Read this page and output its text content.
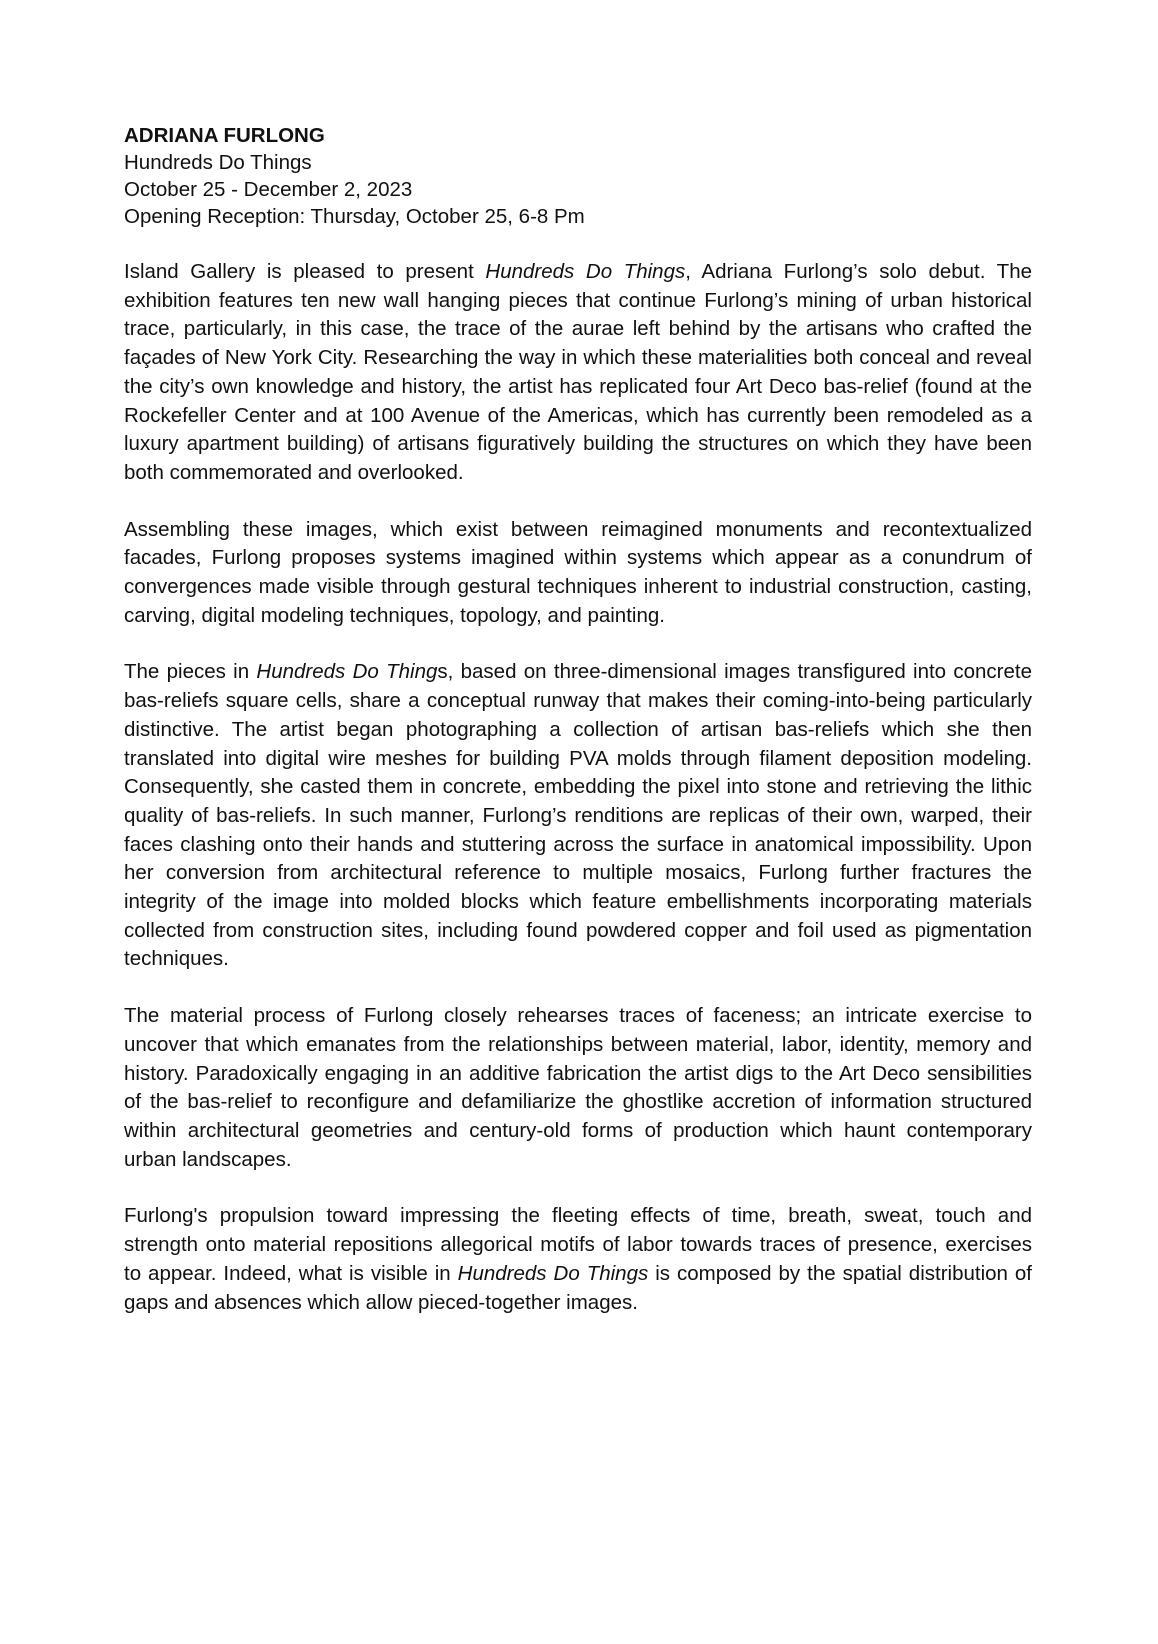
ADRIANA FURLONG
Hundreds Do Things
October 25 - December 2, 2023
Opening Reception: Thursday, October 25, 6-8 Pm

Island Gallery is pleased to present Hundreds Do Things, Adriana Furlong’s solo debut. The exhibition features ten new wall hanging pieces that continue Furlong’s mining of urban historical trace, particularly, in this case, the trace of the aurae left behind by the artisans who crafted the façades of New York City. Researching the way in which these materialities both conceal and reveal the city’s own knowledge and history, the artist has replicated four Art Deco bas-relief (found at the Rockefeller Center and at 100 Avenue of the Americas, which has currently been remodeled as a luxury apartment building) of artisans figuratively building the structures on which they have been both commemorated and overlooked.

Assembling these images, which exist between reimagined monuments and recontextualized facades, Furlong proposes systems imagined within systems which appear as a conundrum of convergences made visible through gestural techniques inherent to industrial construction, casting, carving, digital modeling techniques, topology, and painting.

The pieces in Hundreds Do Things, based on three-dimensional images transfigured into concrete bas-reliefs square cells, share a conceptual runway that makes their coming-into-being particularly distinctive. The artist began photographing a collection of artisan bas-reliefs which she then translated into digital wire meshes for building PVA molds through filament deposition modeling. Consequently, she casted them in concrete, embedding the pixel into stone and retrieving the lithic quality of bas-reliefs. In such manner, Furlong’s renditions are replicas of their own, warped, their faces clashing onto their hands and stuttering across the surface in anatomical impossibility. Upon her conversion from architectural reference to multiple mosaics, Furlong further fractures the integrity of the image into molded blocks which feature embellishments incorporating materials collected from construction sites, including found powdered copper and foil used as pigmentation techniques.

The material process of Furlong closely rehearses traces of faceness; an intricate exercise to uncover that which emanates from the relationships between material, labor, identity, memory and history. Paradoxically engaging in an additive fabrication the artist digs to the Art Deco sensibilities of the bas-relief to reconfigure and defamiliarize the ghostlike accretion of information structured within architectural geometries and century-old forms of production which haunt contemporary urban landscapes.

Furlong's propulsion toward impressing the fleeting effects of time, breath, sweat, touch and strength onto material repositions allegorical motifs of labor towards traces of presence, exercises to appear. Indeed, what is visible in Hundreds Do Things is composed by the spatial distribution of gaps and absences which allow pieced-together images.
